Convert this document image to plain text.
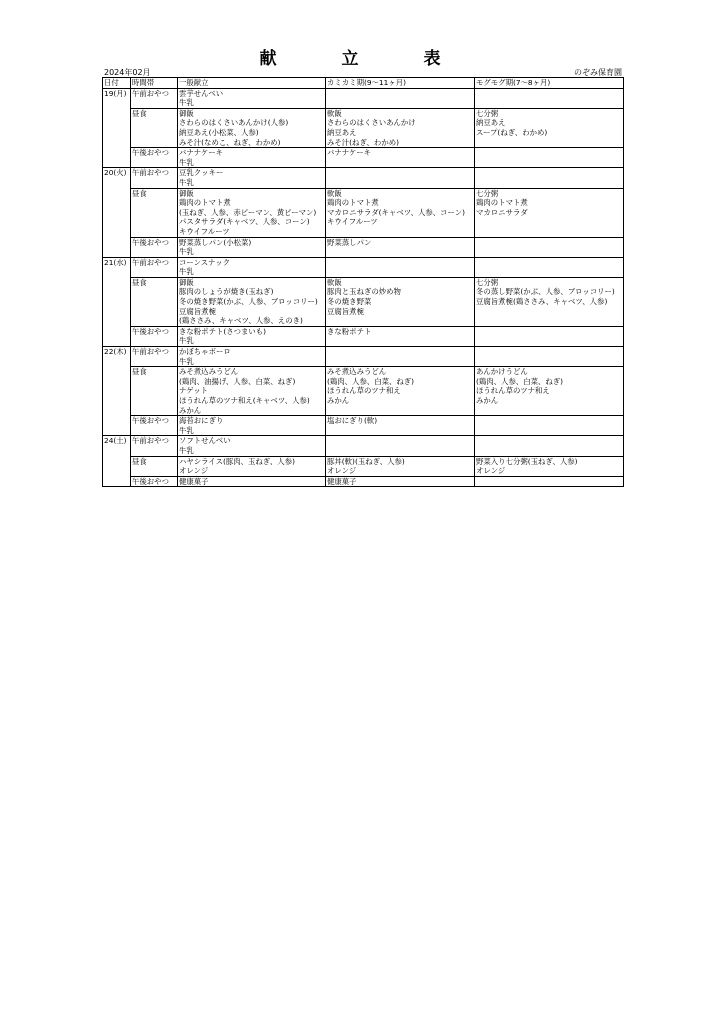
献　立　表
2024年02月	のぞみ保育園
日付	時間帯	一般献立	カミカミ期(9～11ヶ月)	モグモグ期(7～8ヶ月)
19(月)	午前おやつ	雲芋せんべい
牛乳		

	昼食	御飯
さわらのはくさいあんかけ(人参)
納豆あえ(小松菜、人参)
みそ汁(なめこ、ねぎ、わかめ)	軟飯
さわらのはくさいあんかけ
納豆あえ
みそ汁(ねぎ、わかめ)	七分粥
納豆あえ
スープ(ねぎ、わかめ)

	午後おやつ	バナナケーキ
牛乳	バナナケーキ	

20(火)	午前おやつ	豆乳クッキー
牛乳		

	昼食	御飯
鶏肉のトマト煮
(玉ねぎ、人参、赤ピーマン、黄ピーマン)
パスタサラダ(キャベツ、人参、コーン)
キウイフルーツ	軟飯
鶏肉のトマト煮
マカロニサラダ(キャベツ、人参、コーン)
キウイフルーツ	七分粥
鶏肉のトマト煮
マカロニサラダ

	午後おやつ	野菜蒸しパン(小松菜)
牛乳	野菜蒸しパン	

21(水)	午前おやつ	コーンスナック
牛乳		

	昼食	御飯
豚肉のしょうが焼き(玉ねぎ)
冬の焼き野菜(かぶ、人参、ブロッコリー)
豆腐旨煮椀
(鶏ささみ、キャベツ、人参、えのき)	軟飯
豚肉と玉ねぎの炒め物
冬の焼き野菜
豆腐旨煮椀	七分粥
冬の蒸し野菜(かぶ、人参、ブロッコリー)
豆腐旨煮椀(鶏ささみ、キャベツ、人参)

	午後おやつ	きな粉ポテト(さつまいも)
牛乳	きな粉ポテト	

22(木)	午前おやつ	かぼちゃボーロ
牛乳		

	昼食	みそ煮込みうどん
(鶏肉、油揚げ、人参、白菜、ねぎ)
ナゲット
ほうれん草のツナ和え(キャベツ、人参)
みかん	みそ煮込みうどん
(鶏肉、人参、白菜、ねぎ)
ほうれん草のツナ和え
みかん	あんかけうどん
(鶏肉、人参、白菜、ねぎ)
ほうれん草のツナ和え
みかん

	午後おやつ	海苔おにぎり
牛乳	塩おにぎり(軟)	

24(土)	午前おやつ	ソフトせんべい
牛乳		

	昼食	ハヤシライス(豚肉、玉ねぎ、人参)
オレンジ	豚丼(軟)(玉ねぎ、人参)
オレンジ	野菜入り七分粥(玉ねぎ、人参)
オレンジ

	午後おやつ	健康菓子	健康菓子	
